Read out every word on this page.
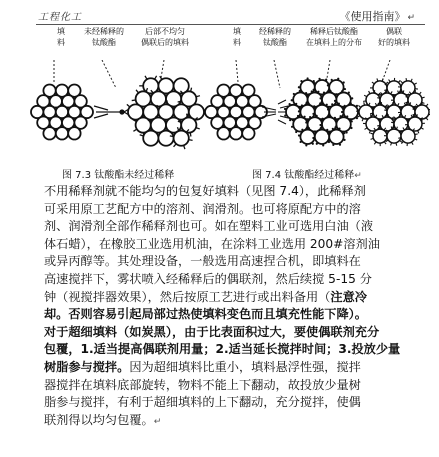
工程化工	《使用指南》 ↵
填
料
未经稀释的
钛酸酯
后部不均匀
偶联后的填料
填
料
经稀释的
钛酸酯
稀释后钛酸酯
在填料上的分布
偶联
好的填料
图 7.3 钛酸酯未经过稀释	图 7.4 钛酸酯经过稀释↵
不用稀释剂就不能均匀的包复好填料（见图 7.4），此稀释剂
可采用原工艺配方中的溶剂、润滑剂。也可将原配方中的溶
剂、润滑剂全部作稀释剂也可。如在塑料工业可选用白油（液
体石蜡），在橡胶工业选用机油，在涂料工业选用 200#溶剂油
或异丙醇等。其处理设备，一般选用高速捏合机，即填料在
高速搅拌下，雾状喷入经稀释后的偶联剂，然后续搅 5-15 分
钟（视搅拌器效果），然后按原工艺进行或出料备用（注意冷
却。否则容易引起局部过热使填料变色而且填充性能下降）。
对于超细填料（如炭黑），由于比表面积过大，要使偶联剂充分
包覆，1.适当提高偶联剂用量；2.适当延长搅拌时间；3.投放少量
树脂参与搅拌。因为超细填料比重小，填料悬浮性强，搅拌
器搅拌在填料底部旋转，物料不能上下翻动，故投放少量树
脂参与搅拌，有利于超细填料的上下翻动，充分搅拌，使偶
联剂得以均匀包覆。↵
